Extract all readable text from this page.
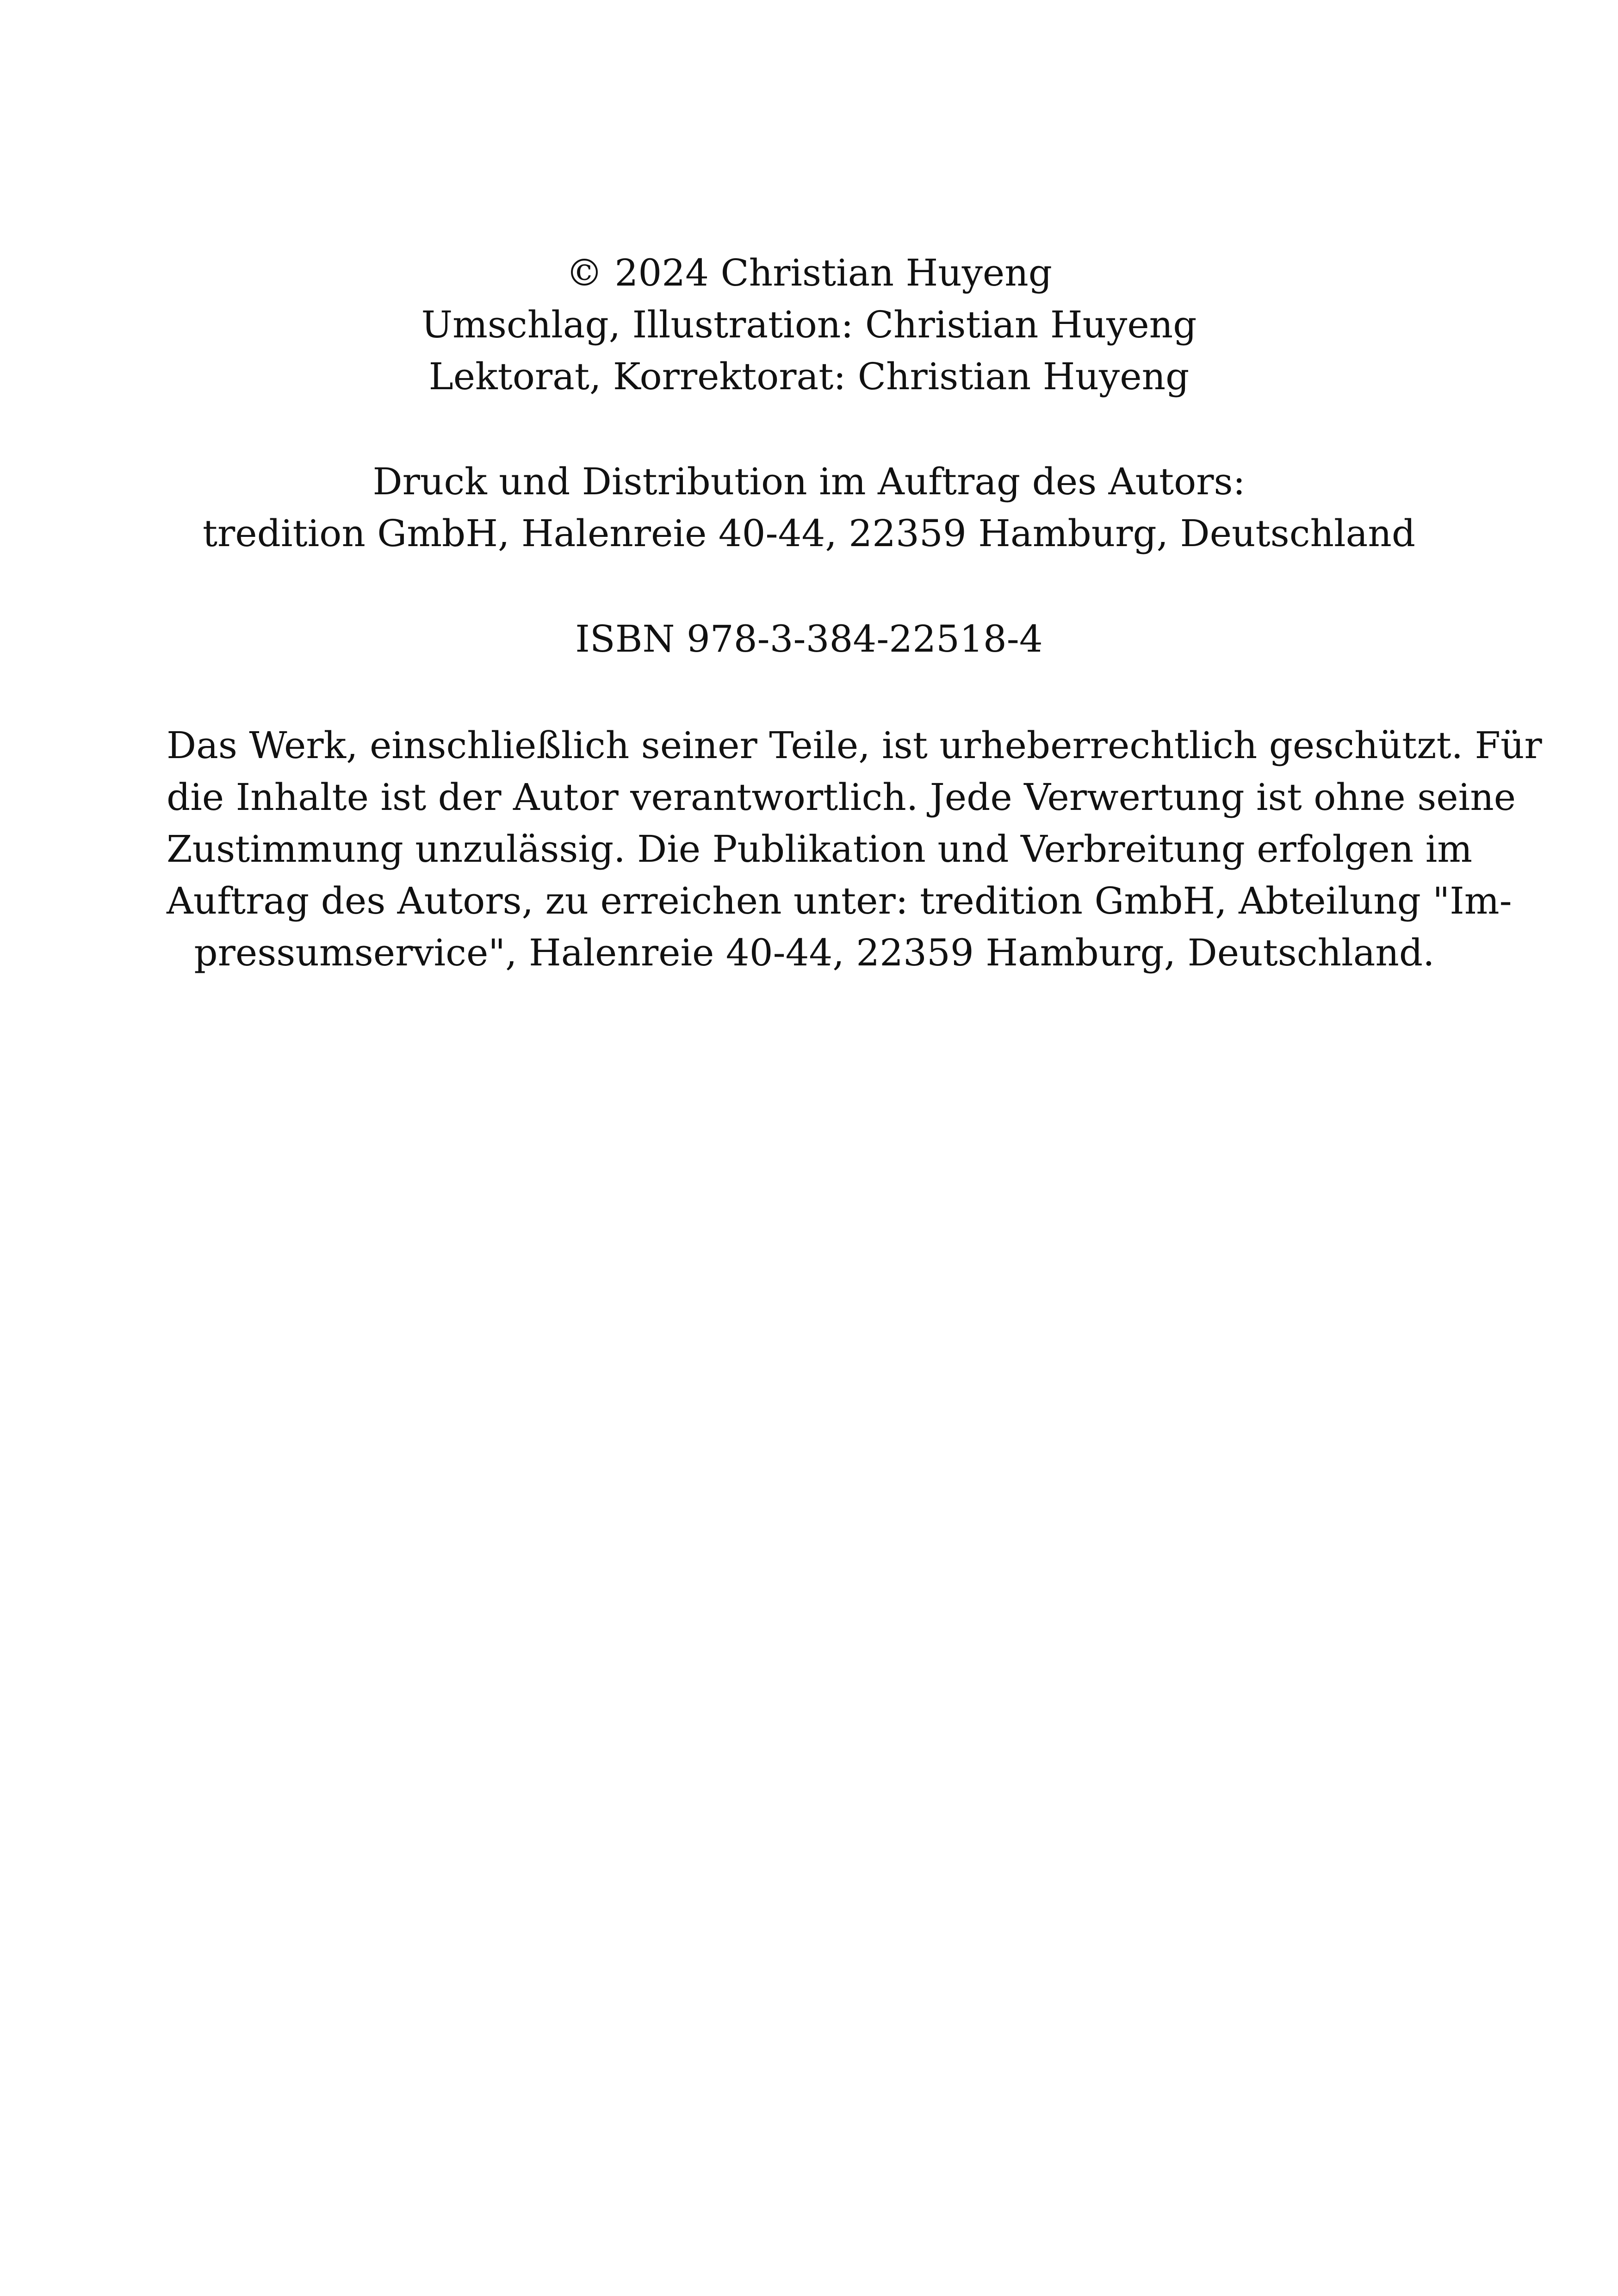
© 2024 Christian Huyeng
Umschlag, Illustration: Christian Huyeng
Lektorat, Korrektorat: Christian Huyeng
Druck und Distribution im Auftrag des Autors:
tredition GmbH, Halenreie 40-44, 22359 Hamburg, Deutschland
ISBN 978-3-384-22518-4
Das Werk, einschließlich seiner Teile, ist urheberrechtlich geschützt. Für
die Inhalte ist der Autor verantwortlich. Jede Verwertung ist ohne seine
Zustimmung unzulässig. Die Publikation und Verbreitung erfolgen im
Auftrag des Autors, zu erreichen unter: tredition GmbH, Abteilung "Im-
pressumservice", Halenreie 40-44, 22359 Hamburg, Deutschland.
